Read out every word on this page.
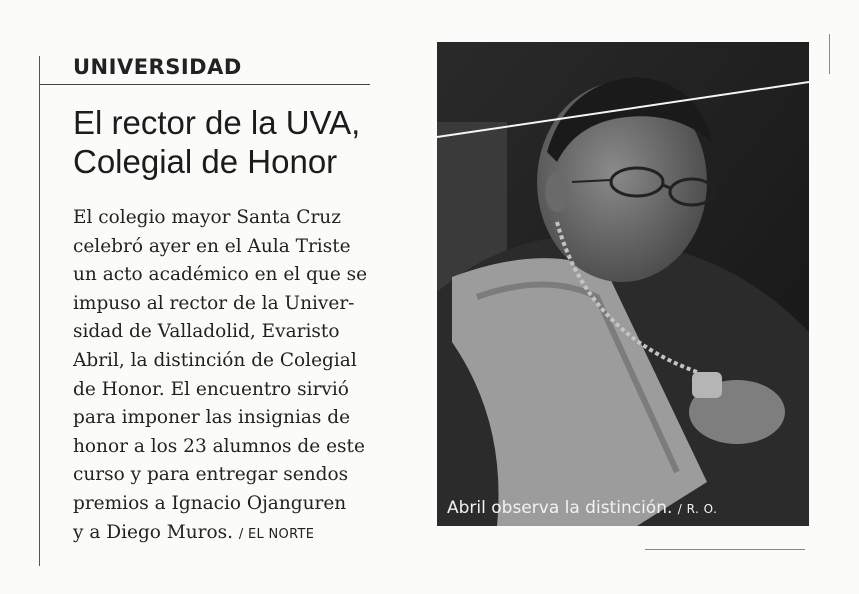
UNIVERSIDAD
El rector de la UVA,
Colegial de Honor
El colegio mayor Santa Cruz
celebró ayer en el Aula Triste
un acto académico en el que se
impuso al rector de la Univer-
sidad de Valladolid, Evaristo
Abril, la distinción de Colegial
de Honor. El encuentro sirvió
para imponer las insignias de
honor a los 23 alumnos de este
curso y para entregar sendos
premios a Ignacio Ojanguren
y a Diego Muros. / EL NORTE
Abril observa la distinción. / R. O.
